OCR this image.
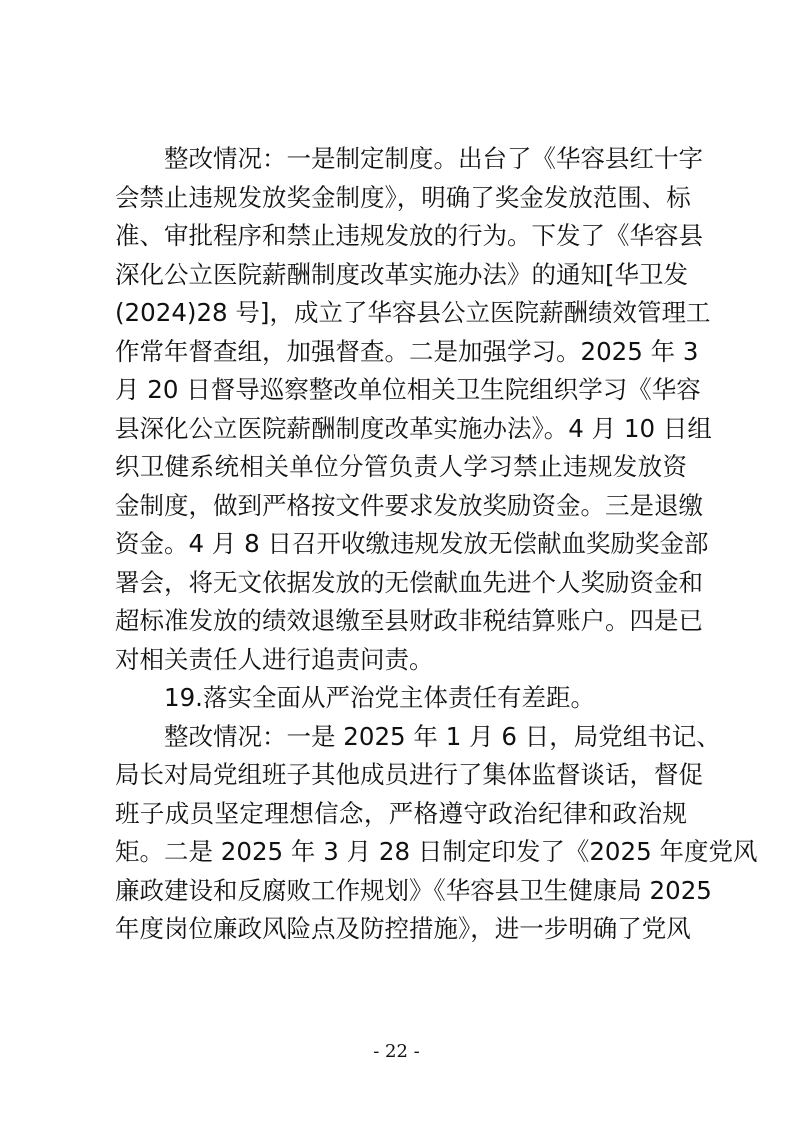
整改情况：一是制定制度。出台了《华容县红十字
会禁止违规发放奖金制度》，明确了奖金发放范围、标
准、审批程序和禁止违规发放的行为。下发了《华容县
深化公立医院薪酬制度改革实施办法》的通知[华卫发
(2024)28 号]，成立了华容县公立医院薪酬绩效管理工
作常年督查组，加强督查。二是加强学习。2025 年 3
月 20 日督导巡察整改单位相关卫生院组织学习《华容
县深化公立医院薪酬制度改革实施办法》。4 月 10 日组
织卫健系统相关单位分管负责人学习禁止违规发放资
金制度，做到严格按文件要求发放奖励资金。三是退缴
资金。4 月 8 日召开收缴违规发放无偿献血奖励奖金部
署会，将无文依据发放的无偿献血先进个人奖励资金和
超标准发放的绩效退缴至县财政非税结算账户。四是已
对相关责任人进行追责问责。
19.落实全面从严治党主体责任有差距。
整改情况：一是 2025 年 1 月 6 日，局党组书记、
局长对局党组班子其他成员进行了集体监督谈话，督促
班子成员坚定理想信念，严格遵守政治纪律和政治规
矩。二是 2025 年 3 月 28 日制定印发了《2025 年度党风
廉政建设和反腐败工作规划》《华容县卫生健康局 2025
年度岗位廉政风险点及防控措施》，进一步明确了党风
- 22 -
